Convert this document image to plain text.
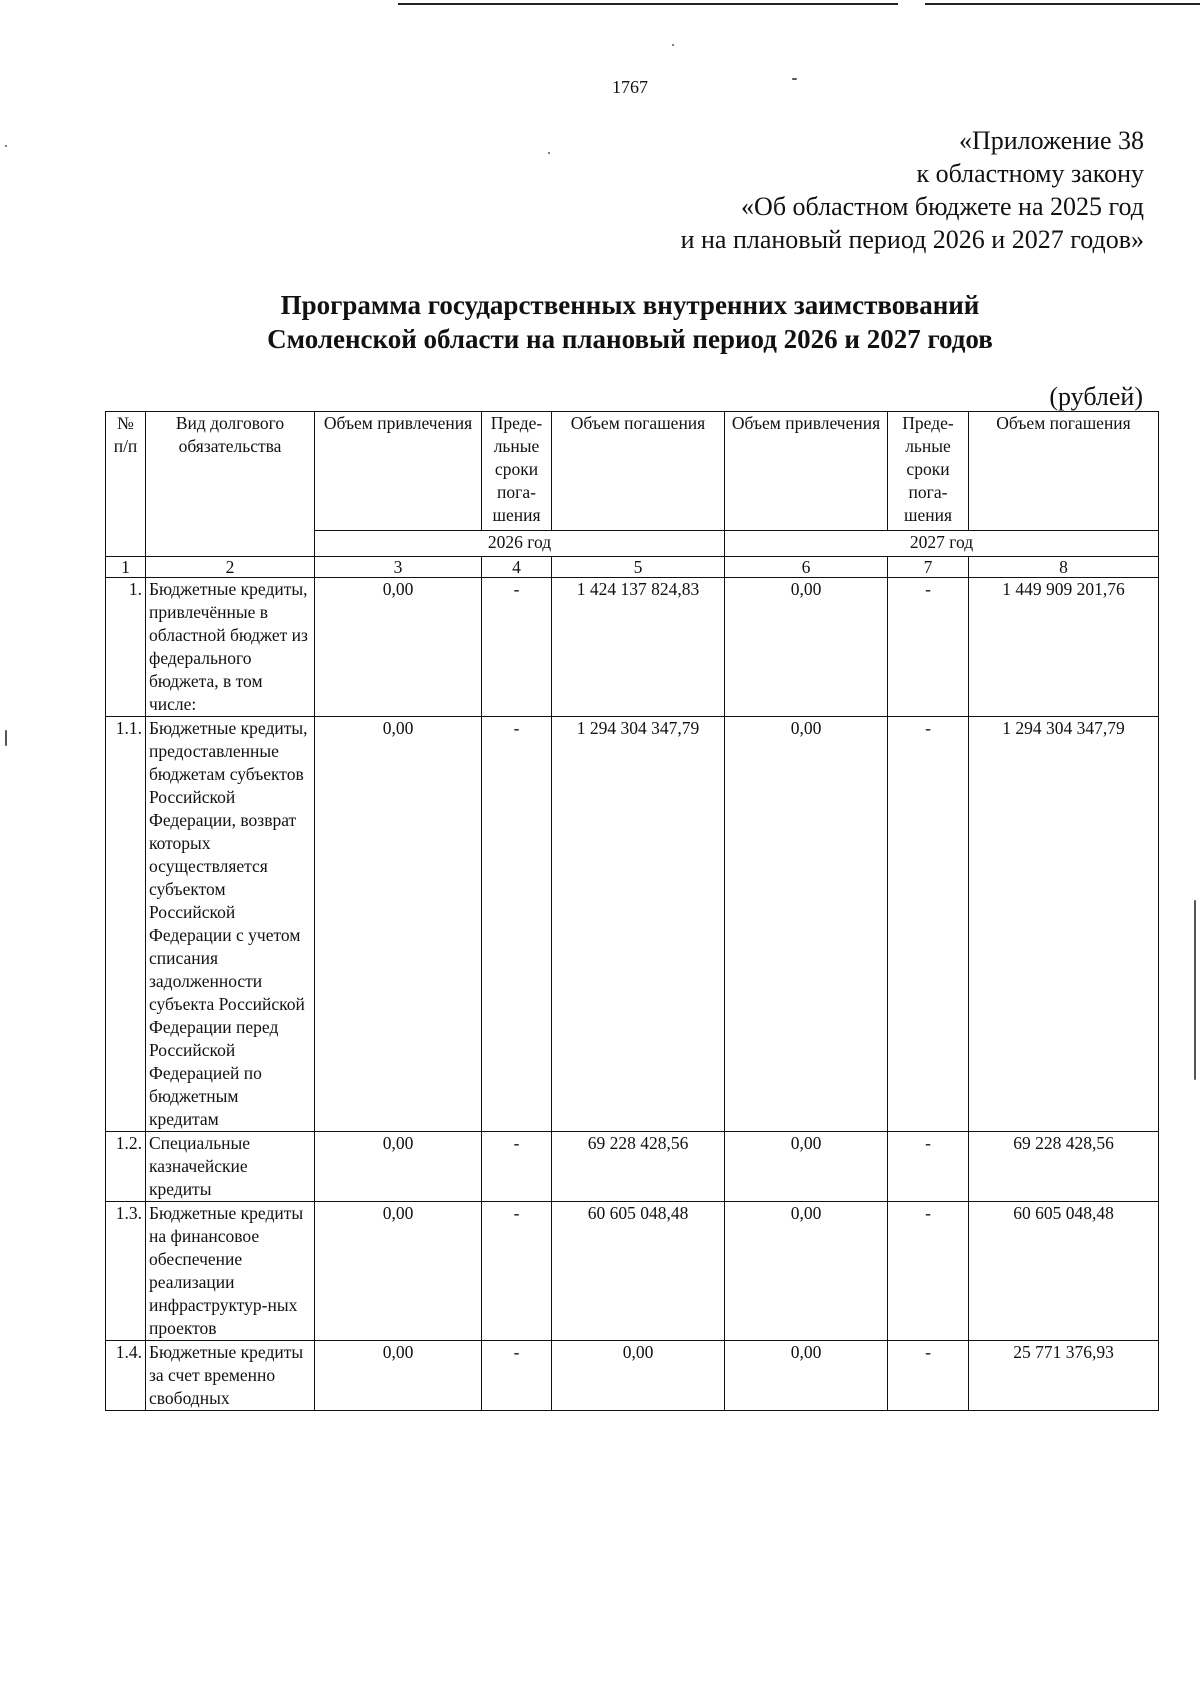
1767
«Приложение 38
к областному закону
«Об областном бюджете на 2025 год
и на плановый период 2026 и 2027 годов»
Программа государственных внутренних заимствований
Смоленской области на плановый период 2026 и 2027 годов
(рублей)
№ п/п	Вид долгового обязательства	Объем привлечения	Преде-льные сроки пога-шения	Объем погашения	Объем привлечения	Преде-льные сроки пога-шения	Объем погашения
		2026 год			2027 год		
1	2	3	4	5	6	7	8
1.	Бюджетные кредиты, привлечённые в областной бюджет из федерального бюджета, в том числе:	0,00	-	1 424 137 824,83	0,00	-	1 449 909 201,76
1.1.	Бюджетные кредиты, предоставленные бюджетам субъектов Российской Федерации, возврат которых осуществляется субъектом Российской Федерации с учетом списания задолженности субъекта Российской Федерации перед Российской Федерацией по бюджетным кредитам	0,00	-	1 294 304 347,79	0,00	-	1 294 304 347,79
1.2.	Специальные казначейские кредиты	0,00	-	69 228 428,56	0,00	-	69 228 428,56
1.3.	Бюджетные кредиты на финансовое обеспечение реализации инфраструктур-ных проектов	0,00	-	60 605 048,48	0,00	-	60 605 048,48
1.4.	Бюджетные кредиты за счет временно свободных	0,00	-	0,00	0,00	-	25 771 376,93
